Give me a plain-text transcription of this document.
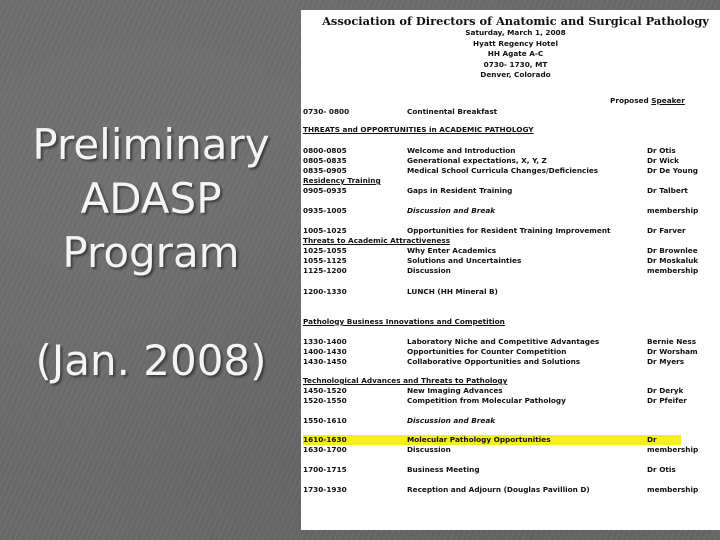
Preliminary
ADASP
Program
(Jan. 2008)
Association of Directors of Anatomic and Surgical Pathology
Saturday, March 1, 2008
Hyatt Regency Hotel
HH Agate A-C
0730- 1730, MT
Denver, Colorado
Proposed Speaker
0730- 0800	Continental Breakfast
THREATS and OPPORTUNITIES in ACADEMIC PATHOLOGY
0800-0805	Welcome and Introduction	Dr Otis
0805-0835	Generational expectations, X, Y, Z	Dr Wick
0835-0905	Medical School Curricula Changes/Deficiencies	Dr De Young
Residency Training
0905-0935	Gaps in Resident Training	Dr Talbert
0935-1005	Discussion and Break	membership
1005-1025	Opportunities for Resident Training Improvement	Dr Farver
Threats to Academic Attractiveness
1025-1055	Why Enter Academics	Dr Brownlee
1055-1125	Solutions and Uncertainties	Dr Moskaluk
1125-1200	Discussion	membership
1200-1330	LUNCH (HH Mineral B)
Pathology Business Innovations and Competition
1330-1400	Laboratory Niche and Competitive Advantages	Bernie Ness
1400-1430	Opportunities for Counter Competition	Dr Worsham
1430-1450	Collaborative Opportunities and Solutions	Dr Myers
Technological Advances and Threats to Pathology
1450-1520	New Imaging Advances	Dr Deryk
1520-1550	Competition from Molecular Pathology	Dr Pfeifer
1550-1610	Discussion and Break
1610-1630	Molecular Pathology Opportunities	Dr
1630-1700	Discussion	membership
1700-1715	Business Meeting	Dr Otis
1730-1930	Reception and Adjourn (Douglas Pavillion D)	membership
